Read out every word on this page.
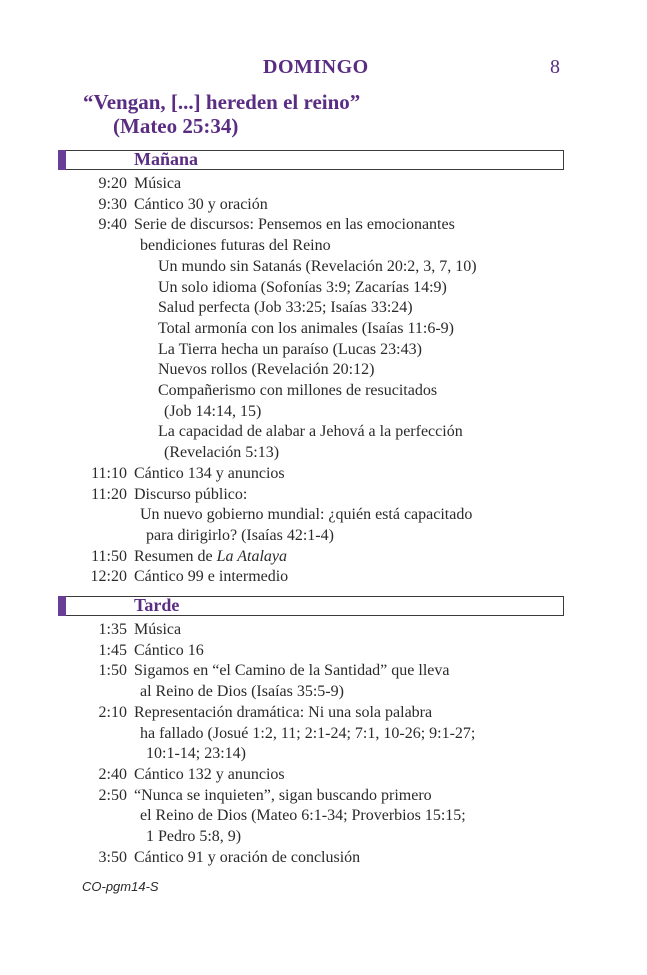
DOMINGO	8
“Vengan, [...] hereden el reino”
(Mateo 25:34)
Mañana
9:20 Música
9:30 Cántico 30 y oración
9:40 Serie de discursos: Pensemos en las emocionantes
bendiciones futuras del Reino
Un mundo sin Satanás (Revelación 20:2, 3, 7, 10)
Un solo idioma (Sofonías 3:9; Zacarías 14:9)
Salud perfecta (Job 33:25; Isaías 33:24)
Total armonía con los animales (Isaías 11:6-9)
La Tierra hecha un paraíso (Lucas 23:43)
Nuevos rollos (Revelación 20:12)
Compañerismo con millones de resucitados
(Job 14:14, 15)
La capacidad de alabar a Jehová a la perfección
(Revelación 5:13)
11:10 Cántico 134 y anuncios
11:20 Discurso público:
Un nuevo gobierno mundial: ¿quién está capacitado
para dirigirlo? (Isaías 42:1-4)
11:50 Resumen de La Atalaya
12:20 Cántico 99 e intermedio
Tarde
1:35 Música
1:45 Cántico 16
1:50 Sigamos en “el Camino de la Santidad” que lleva
al Reino de Dios (Isaías 35:5-9)
2:10 Representación dramática: Ni una sola palabra
ha fallado (Josué 1:2, 11; 2:1-24; 7:1, 10-26; 9:1-27;
10:1-14; 23:14)
2:40 Cántico 132 y anuncios
2:50 “Nunca se inquieten”, sigan buscando primero
el Reino de Dios (Mateo 6:1-34; Proverbios 15:15;
1 Pedro 5:8, 9)
3:50 Cántico 91 y oración de conclusión
CO-pgm14-S
